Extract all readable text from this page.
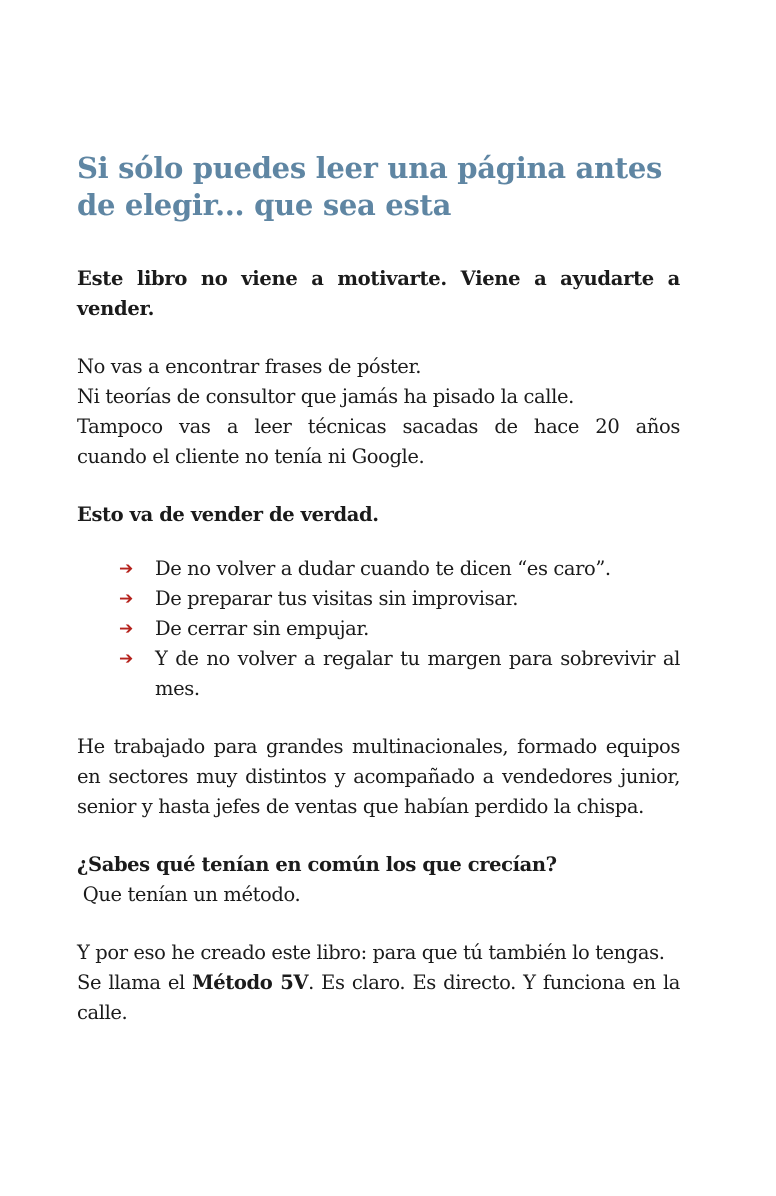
Si sólo puedes leer una página antes de elegir... que sea esta

Este libro no viene a motivarte. Viene a ayudarte a vender.

No vas a encontrar frases de póster.
Ni teorías de consultor que jamás ha pisado la calle.
Tampoco vas a leer técnicas sacadas de hace 20 años
cuando el cliente no tenía ni Google.

Esto va de vender de verdad.

➔ De no volver a dudar cuando te dicen “es caro”.
➔ De preparar tus visitas sin improvisar.
➔ De cerrar sin empujar.
➔ Y de no volver a regalar tu margen para sobrevivir al mes.

He trabajado para grandes multinacionales, formado equipos en sectores muy distintos y acompañado a vendedores junior, senior y hasta jefes de ventas que habían perdido la chispa.

¿Sabes qué tenían en común los que crecían?
Que tenían un método.

Y por eso he creado este libro: para que tú también lo tengas.
Se llama el Método 5V. Es claro. Es directo. Y funciona en la calle.
